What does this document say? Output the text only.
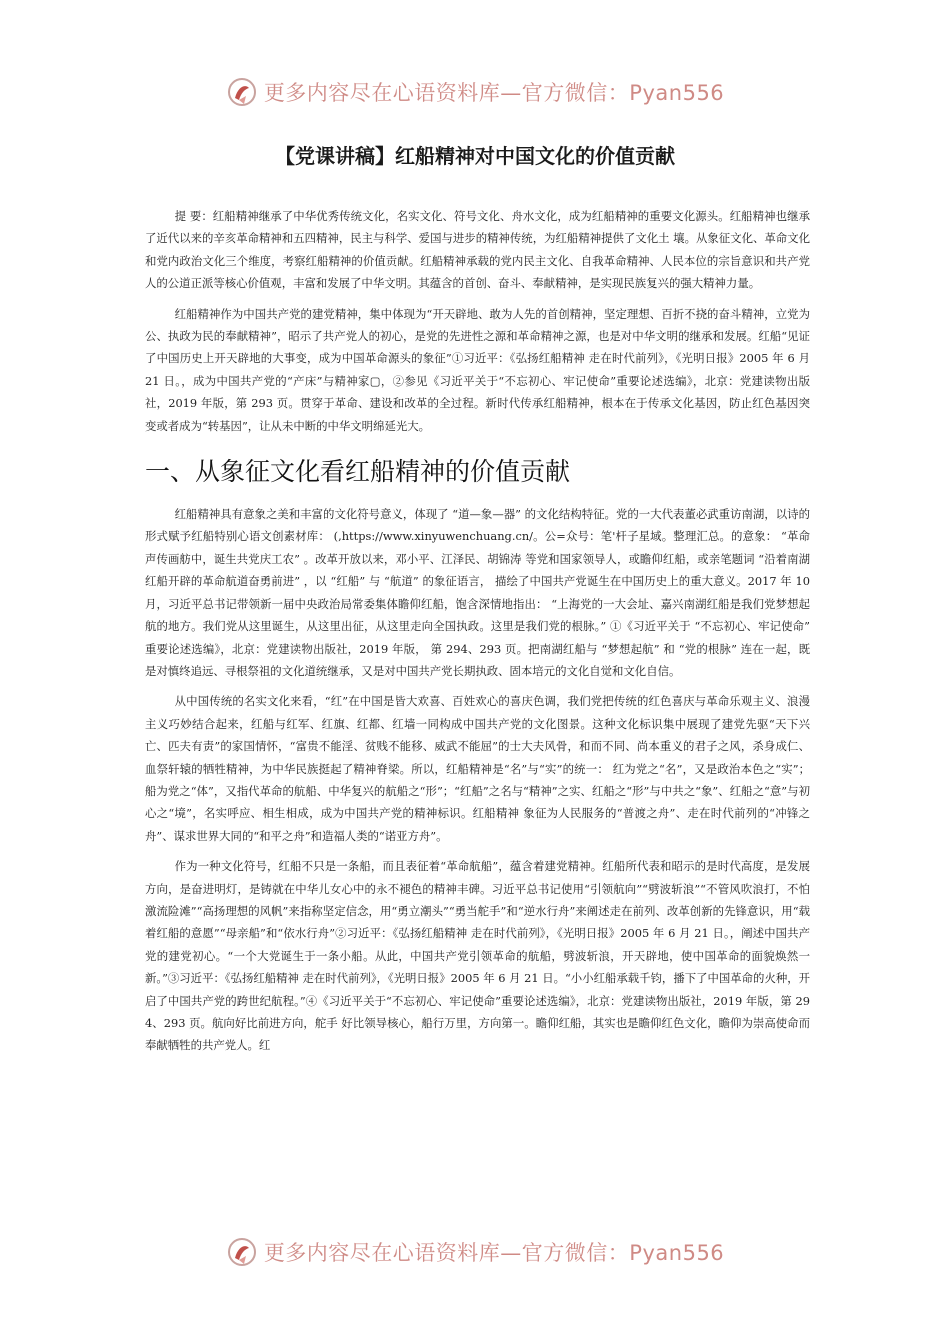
更多内容尽在心语资料库—官方微信：Pyan556
【党课讲稿】红船精神对中国文化的价值贡献

提 要：红船精神继承了中华优秀传统文化，名实文化、符号文化、舟水文化，成为红船精神的重要文化源头。红船精神也继承了近代以来的辛亥革命精神和五四精神，民主与科学、爱国与进步的精神传统，为红船精神提供了文化土 壤。从象征文化、革命文化和党内政治文化三个维度，考察红船精神的价值贡献。红船精神承载的党内民主文化、自我革命精神、人民本位的宗旨意识和共产党人的公道正派等核心价值观，丰富和发展了中华文明。其蕴含的首创、奋斗、奉献精神，是实现民族复兴的强大精神力量。

红船精神作为中国共产党的建党精神，集中体现为“开天辟地、敢为人先的首创精神，坚定理想、百折不挠的奋斗精神，立党为公、执政为民的奉献精神”，昭示了共产党人的初心，是党的先进性之源和革命精神之源，也是对中华文明的继承和发展。红船“见证了中国历史上开天辟地的大事变，成为中国革命源头的象征”①习近平：《弘扬红船精神 走在时代前列》，《光明日报》2005 年 6 月 21 日。，成为中国共产党的“产床”与精神家▢，②参见《习近平关于“不忘初心、牢记使命”重要论述选编》，北京：党建读物出版社，2019 年版，第 293 页。贯穿于革命、建设和改革的全过程。新时代传承红船精神，根本在于传承文化基因，防止红色基因突变或者成为“转基因”，让从未中断的中华文明绵延光大。

一、从象征文化看红船精神的价值贡献

红船精神具有意象之美和丰富的文化符号意义，体现了 “道—象—器” 的文化结构特征。党的一大代表董必武重访南湖，以诗的形式赋予红船特别心语文创素材库： (,https://www.xinyuwenchuang.cn/。公=众号：笔'杆子星域。整理汇总。的意象： “革命声传画舫中，诞生共党庆工农” 。改革开放以来，邓小平、江泽民、胡锦涛 等党和国家领导人，或瞻仰红船，或亲笔题词 “沿着南湖红船开辟的革命航道奋勇前进” ，以 “红船” 与 “航道” 的象征语言， 描绘了中国共产党诞生在中国历史上的重大意义。2017 年 10 月，习近平总书记带领新一届中央政治局常委集体瞻仰红船，饱含深情地指出： “上海党的一大会址、嘉兴南湖红船是我们党梦想起航的地方。我们党从这里诞生，从这里出征，从这里走向全国执政。这里是我们党的根脉。” ①《习近平关于 “不忘初心、牢记使命” 重要论述选编》，北京：党建读物出版社，2019 年版， 第 294、293 页。把南湖红船与 “梦想起航” 和 “党的根脉” 连在一起，既是对慎终追远、寻根祭祖的文化道统继承，又是对中国共产党长期执政、固本培元的文化自觉和文化自信。

从中国传统的名实文化来看，“红”在中国是皆大欢喜、百姓欢心的喜庆色调，我们党把传统的红色喜庆与革命乐观主义、浪漫主义巧妙结合起来，红船与红军、红旗、红都、红墙一同构成中国共产党的文化图景。这种文化标识集中展现了建党先驱“天下兴亡、匹夫有责”的家国情怀，“富贵不能淫、贫贱不能移、威武不能屈”的士大夫风骨，和而不同、尚本重义的君子之风，杀身成仁、血祭轩辕的牺牲精神，为中华民族挺起了精神脊梁。所以，红船精神是“名”与“实”的统一： 红为党之“名”，又是政治本色之“实”；船为党之“体”，又指代革命的航船、中华复兴的航船之“形”；“红船”之名与“精神”之实、红船之“形”与中共之“象”、红船之“意”与初心之“境”，名实呼应、相生相成，成为中国共产党的精神标识。红船精神 象征为人民服务的“普渡之舟”、走在时代前列的“冲锋之舟”、谋求世界大同的“和平之舟”和造福人类的“诺亚方舟”。

作为一种文化符号，红船不只是一条船，而且表征着“革命航船”，蕴含着建党精神。红船所代表和昭示的是时代高度，是发展方向，是奋进明灯，是铸就在中华儿女心中的永不褪色的精神丰碑。习近平总书记使用“引领航向”“劈波斩浪”“不管风吹浪打，不怕激流险滩”“高扬理想的风帆”来指称坚定信念，用“勇立潮头”“勇当舵手”和“逆水行舟”来阐述走在前列、改革创新的先锋意识，用“载着红船的意愿”“母亲船”和“依水行舟”②习近平：《弘扬红船精神 走在时代前列》，《光明日报》2005 年 6 月 21 日。，阐述中国共产党的建党初心。“一个大党诞生于一条小船。从此，中国共产党引领革命的航船，劈波斩浪，开天辟地，使中国革命的面貌焕然一新。”③习近平：《弘扬红船精神 走在时代前列》，《光明日报》2005 年 6 月 21 日。“小小红船承载千钧，播下了中国革命的火种，开启了中国共产党的跨世纪航程。”④《习近平关于“不忘初心、牢记使命”重要论述选编》，北京：党建读物出版社，2019 年版，第 294、293 页。航向好比前进方向，舵手 好比领导核心，船行万里，方向第一。瞻仰红船，其实也是瞻仰红色文化，瞻仰为崇高使命而奉献牺牲的共产党人。红

更多内容尽在心语资料库—官方微信：Pyan556
